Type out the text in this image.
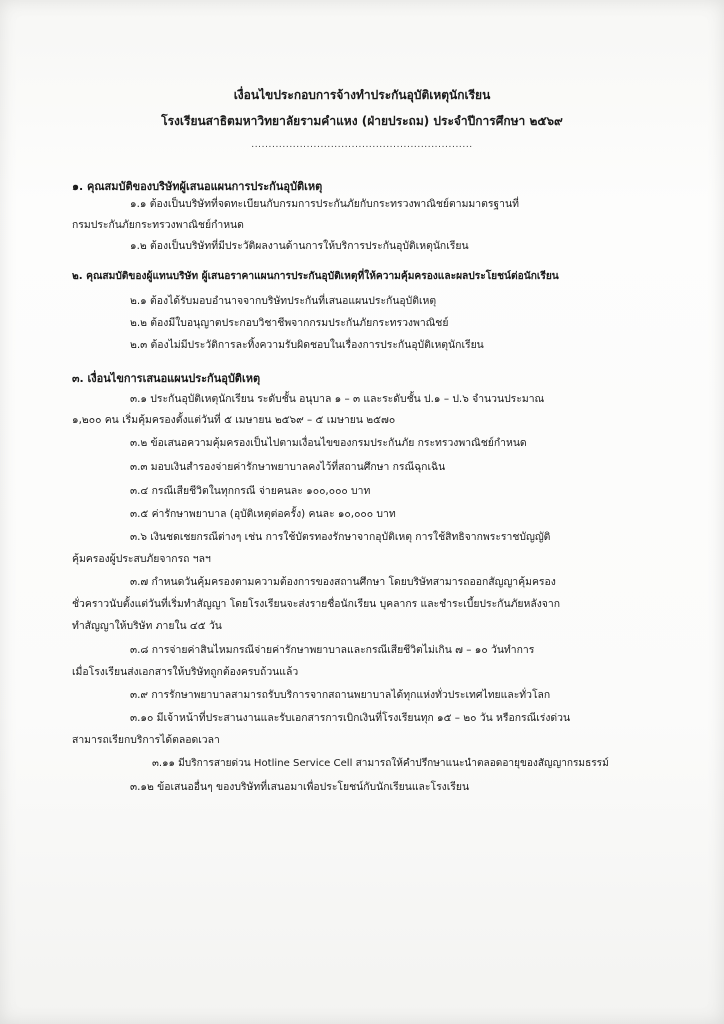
เงื่อนไขประกอบการจ้างทำประกันอุบัติเหตุนักเรียน
โรงเรียนสาธิตมหาวิทยาลัยรามคำแหง (ฝ่ายประถม) ประจำปีการศึกษา ๒๕๖๙
................................................................
๑. คุณสมบัติของบริษัทผู้เสนอแผนการประกันอุบัติเหตุ
๑.๑ ต้องเป็นบริษัทที่จดทะเบียนกับกรมการประกันภัยกับกระทรวงพาณิชย์ตามมาตรฐานที่
กรมประกันภัยกระทรวงพาณิชย์กำหนด
๑.๒ ต้องเป็นบริษัทที่มีประวัติผลงานด้านการให้บริการประกันอุบัติเหตุนักเรียน
๒. คุณสมบัติของผู้แทนบริษัท ผู้เสนอราคาแผนการประกันอุบัติเหตุที่ให้ความคุ้มครองและผลประโยชน์ต่อนักเรียน
๒.๑ ต้องได้รับมอบอำนาจจากบริษัทประกันที่เสนอแผนประกันอุบัติเหตุ
๒.๒ ต้องมีใบอนุญาตประกอบวิชาชีพจากกรมประกันภัยกระทรวงพาณิชย์
๒.๓ ต้องไม่มีประวัติการละทิ้งความรับผิดชอบในเรื่องการประกันอุบัติเหตุนักเรียน
๓. เงื่อนไขการเสนอแผนประกันอุบัติเหตุ
๓.๑ ประกันอุบัติเหตุนักเรียน ระดับชั้น อนุบาล ๑ – ๓ และระดับชั้น ป.๑ – ป.๖ จำนวนประมาณ
๑,๒๐๐ คน เริ่มคุ้มครองตั้งแต่วันที่ ๕ เมษายน ๒๕๖๙ – ๕ เมษายน ๒๕๗๐
๓.๒ ข้อเสนอความคุ้มครองเป็นไปตามเงื่อนไขของกรมประกันภัย กระทรวงพาณิชย์กำหนด
๓.๓ มอบเงินสำรองจ่ายค่ารักษาพยาบาลคงไว้ที่สถานศึกษา กรณีฉุกเฉิน
๓.๔ กรณีเสียชีวิตในทุกกรณี จ่ายคนละ ๑๐๐,๐๐๐ บาท
๓.๕ ค่ารักษาพยาบาล (อุบัติเหตุต่อครั้ง) คนละ ๑๐,๐๐๐ บาท
๓.๖ เงินชดเชยกรณีต่างๆ เช่น การใช้บัตรทองรักษาจากอุบัติเหตุ การใช้สิทธิจากพระราชบัญญัติ
คุ้มครองผู้ประสบภัยจากรถ ฯลฯ
๓.๗ กำหนดวันคุ้มครองตามความต้องการของสถานศึกษา โดยบริษัทสามารถออกสัญญาคุ้มครอง
ชั่วคราวนับตั้งแต่วันที่เริ่มทำสัญญา โดยโรงเรียนจะส่งรายชื่อนักเรียน บุคลากร และชำระเบี้ยประกันภัยหลังจาก
ทำสัญญาให้บริษัท ภายใน ๔๕ วัน
๓.๘ การจ่ายค่าสินไหมกรณีจ่ายค่ารักษาพยาบาลและกรณีเสียชีวิตไม่เกิน ๗ – ๑๐ วันทำการ
เมื่อโรงเรียนส่งเอกสารให้บริษัทถูกต้องครบถ้วนแล้ว
๓.๙ การรักษาพยาบาลสามารถรับบริการจากสถานพยาบาลได้ทุกแห่งทั่วประเทศไทยและทั่วโลก
๓.๑๐ มีเจ้าหน้าที่ประสานงานและรับเอกสารการเบิกเงินที่โรงเรียนทุก ๑๕ – ๒๐ วัน หรือกรณีเร่งด่วน
สามารถเรียกบริการได้ตลอดเวลา
๓.๑๑ มีบริการสายด่วน Hotline Service Cell สามารถให้คำปรึกษาแนะนำตลอดอายุของสัญญากรมธรรม์
๓.๑๒ ข้อเสนออื่นๆ ของบริษัทที่เสนอมาเพื่อประโยชน์กับนักเรียนและโรงเรียน
